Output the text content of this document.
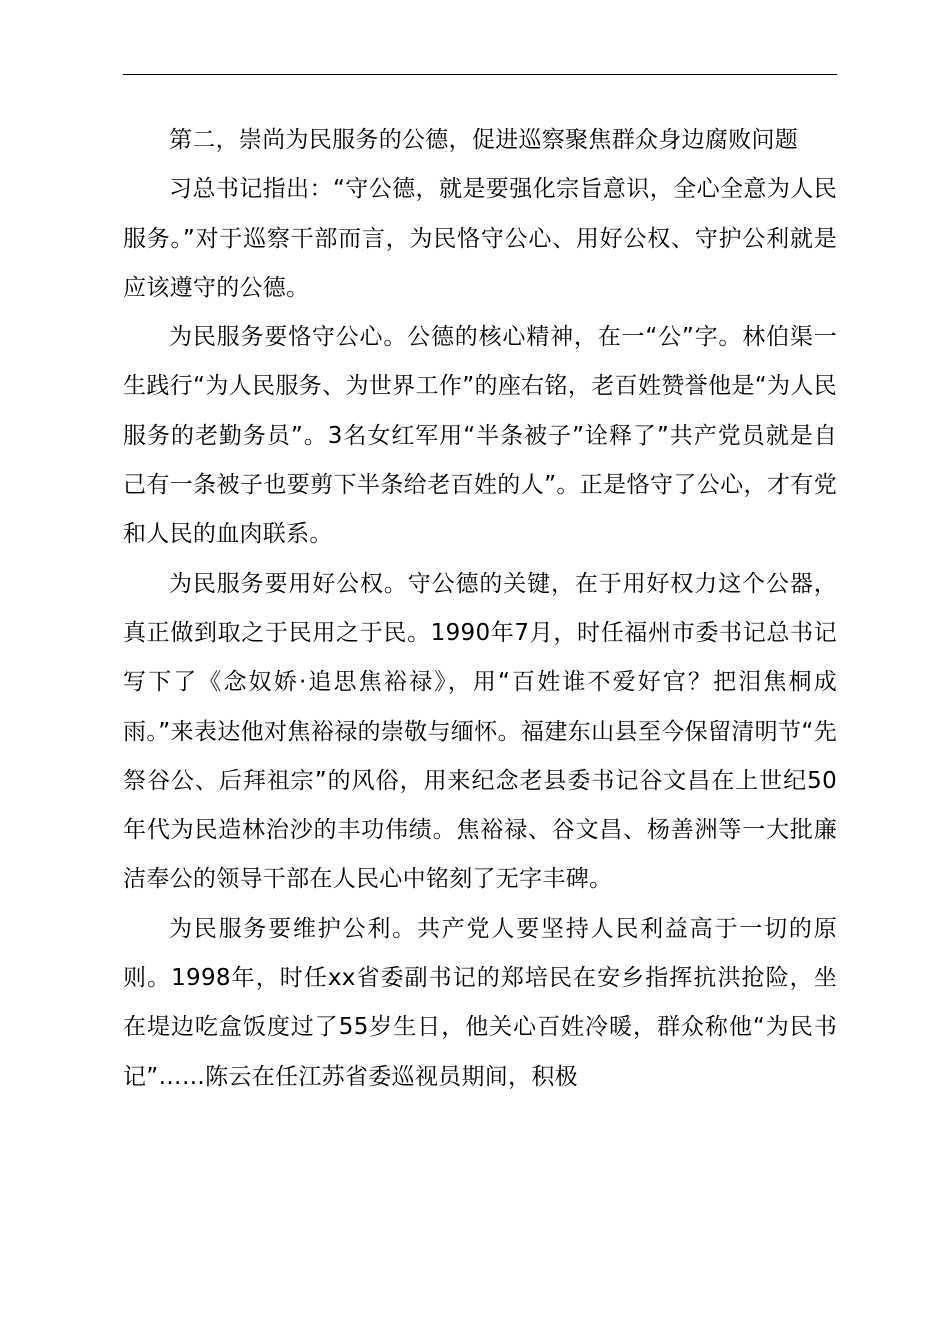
第二，崇尚为民服务的公德，促进巡察聚焦群众身边腐败问题

习总书记指出：“守公德，就是要强化宗旨意识，全心全意为人民服务。”对于巡察干部而言，为民恪守公心、用好公权、守护公利就是应该遵守的公德。

为民服务要恪守公心。公德的核心精神，在一“公”字。林伯渠一生践行“为人民服务、为世界工作”的座右铭，老百姓赞誉他是“为人民服务的老勤务员”。3名女红军用“半条被子”诠释了”共产党员就是自己有一条被子也要剪下半条给老百姓的人”。正是恪守了公心，才有党和人民的血肉联系。

为民服务要用好公权。守公德的关键，在于用好权力这个公器，真正做到取之于民用之于民。1990年7月，时任福州市委书记总书记写下了《念奴娇·追思焦裕禄》，用“百姓谁不爱好官？把泪焦桐成雨。”来表达他对焦裕禄的崇敬与缅怀。福建东山县至今保留清明节“先祭谷公、后拜祖宗”的风俗，用来纪念老县委书记谷文昌在上世纪50年代为民造林治沙的丰功伟绩。焦裕禄、谷文昌、杨善洲等一大批廉洁奉公的领导干部在人民心中铭刻了无字丰碑。

为民服务要维护公利。共产党人要坚持人民利益高于一切的原则。1998年，时任xx省委副书记的郑培民在安乡指挥抗洪抢险，坐在堤边吃盒饭度过了55岁生日，他关心百姓冷暖，群众称他“为民书记”……陈云在任江苏省委巡视员期间，积极
